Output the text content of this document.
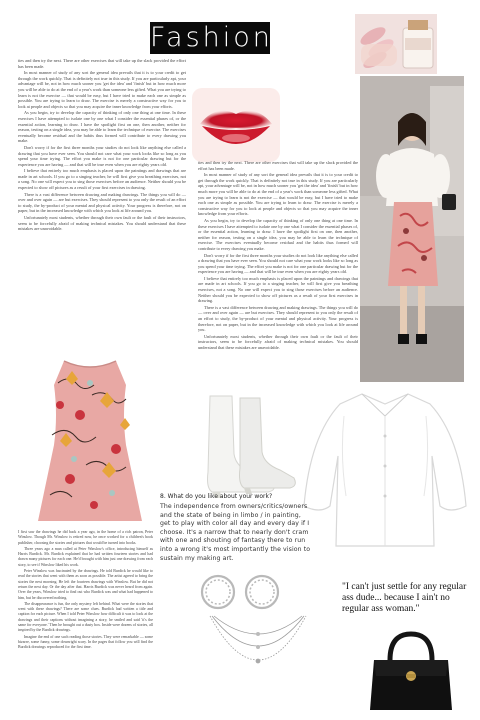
Fashion

ties and then try the next. There are other exercises that will take up the slack provided the effort has been made.

In most manner of study of any sort the general idea prevails that it is to your credit to get through the work quickly. That is definitely not true in this study. If you are particularly apt, your advantage will be, not in how much sooner you 'get the idea' and 'finish' but in how much more you will be able to do at the end of a year's work than someone less gifted. What you are trying to learn is not the exercise — that would be easy, but I have tried to make each one as simple as possible. You are trying to learn to draw. The exercise is merely a constructive way for you to look at people and objects so that you may acquire the inner knowledge from your efforts.

As you begin, try to develop the capacity of thinking of only one thing at one time. In these exercises I have attempted to isolate one by one what I consider the essential phases of, or the essential action, learning to draw. I have the spotlight first on one, then another, neither for reason, testing on a single idea, you may be able to learn the technique of exercise. The exercises eventually become residual and the habits thus formed will contribute to every drawing you make.

Don't worry if for the first three months your studies do not look like anything else called a drawing that you have ever seen. You should not care what your work looks like so long as you spend your time trying. The effort you make is not for one particular drawing but for the experience you are having — and that will be true even when you are eighty years old.

I believe that entirely too much emphasis is placed upon the paintings and drawings that are made in art schools. If you go to a singing teacher, he will first give you breathing exercises, not a song. No one will expect you to sing those exercises before an audience. Neither should you be expected to show off pictures as a result of your first exercises in drawing.

There is a vast difference between drawing and making drawings. The things you will do — over and over again — are but exercises. They should represent to you only the result of an effort to study, the by-product of your mental and physical activity. Your progress is therefore, not on paper, but in the increased knowledge with which you look at life around you.

Unfortunately most students, whether through their own fault or the fault of their instructors, seem to be forcefully afraid of making technical mistakes. You should understand that these mistakes are unavoidable.

ties and then try the next. There are other exercises that will take up the slack provided the effort has been made.

In most manner of study of any sort the general idea prevails that it is to your credit to get through the work quickly. That is definitely not true in this study. If you are particularly apt, your advantage will be, not in how much sooner you 'get the idea' and 'finish' but in how much more you will be able to do at the end of a year's work than someone less gifted. What you are trying to learn is not the exercise — that would be easy, but I have tried to make each one as simple as possible. You are trying to learn to draw. The exercise is merely a constructive way for you to look at people and objects so that you may acquire the inner knowledge from your efforts.

As you begin, try to develop the capacity of thinking of only one thing at one time. In these exercises I have attempted to isolate one by one what I consider the essential phases of, or the essential action, learning to draw. I have the spotlight first on one, then another, neither for reason, testing on a single idea, you may be able to learn the technique of exercise. The exercises eventually become residual and the habits thus formed will contribute to every drawing you make.

Don't worry if for the first three months your studies do not look like anything else called a drawing that you have ever seen. You should not care what your work looks like so long as you spend your time trying. The effort you make is not for one particular drawing but for the experience you are having — and that will be true even when you are eighty years old.

I believe that entirely too much emphasis is placed upon the paintings and drawings that are made in art schools. If you go to a singing teacher, he will first give you breathing exercises, not a song. No one will expect you to sing those exercises before an audience. Neither should you be expected to show off pictures as a result of your first exercises in drawing.

There is a vast difference between drawing and making drawings. The things you will do — over and over again — are but exercises. They should represent to you only the result of an effort to study, the by-product of your mental and physical activity. Your progress is therefore, not on paper, but in the increased knowledge with which you look at life around you.

Unfortunately most students, whether through their own fault or the fault of their instructors, seem to be forcefully afraid of making technical mistakes. You should understand that these mistakes are unavoidable.

8. What do you like about your work?
The independence from owners/critics/owners and the state of being in limbo / in painting, get to play with color all day and every day if I choose. It's a narrow that to nearly don't cram with one and shouting of fantasy there to run into a wrong it's most importantly the vision to sustain my making art.

I first saw the drawings he did back a year ago, in the home of a rich patron, Peter Winslow. Though Mr. Winslow is retired now, he once worked for a children's book publisher, choosing the stories and pictures that would be turned into books.

Three years ago a man called at Peter Winslow's office, introducing himself as Harris Burdick. Mr. Burdick explained that he had written fourteen stories and had drawn many pictures for each one. He'd brought with him just one drawing from each story, to see if Winslow liked his work.

Peter Winslow was fascinated by the drawings. He told Burdick he would like to read the stories that went with them as soon as possible. The artist agreed to bring the stories the next morning. He left the fourteen drawings with Winslow. But he did not return the next day. Or the day after that. Harris Burdick was never heard from again. Over the years, Winslow tried to find out who Burdick was and what had happened to him, but he discovered nothing.

The disappearance is fun, the only mystery left behind. What were the stories that went with these drawings? There are some clues. Burdick had written a title and caption for each picture. When I told Peter Winslow how difficult it was to look at the drawings and their captions without imagining a story, he smiled and said 'it's the same for everyone.' Then he brought out a dusty box. Inside were dozens of stories, all inspired by the Burdick drawings.

Imagine the end of one such reading those stories. They were remarkable — some bizarre, some funny, some downright scary. In the pages that follow you will find the Burdick drawings reproduced for the first time.

"I can't just settle for any regular ass dude... because I ain't no regular ass woman."
